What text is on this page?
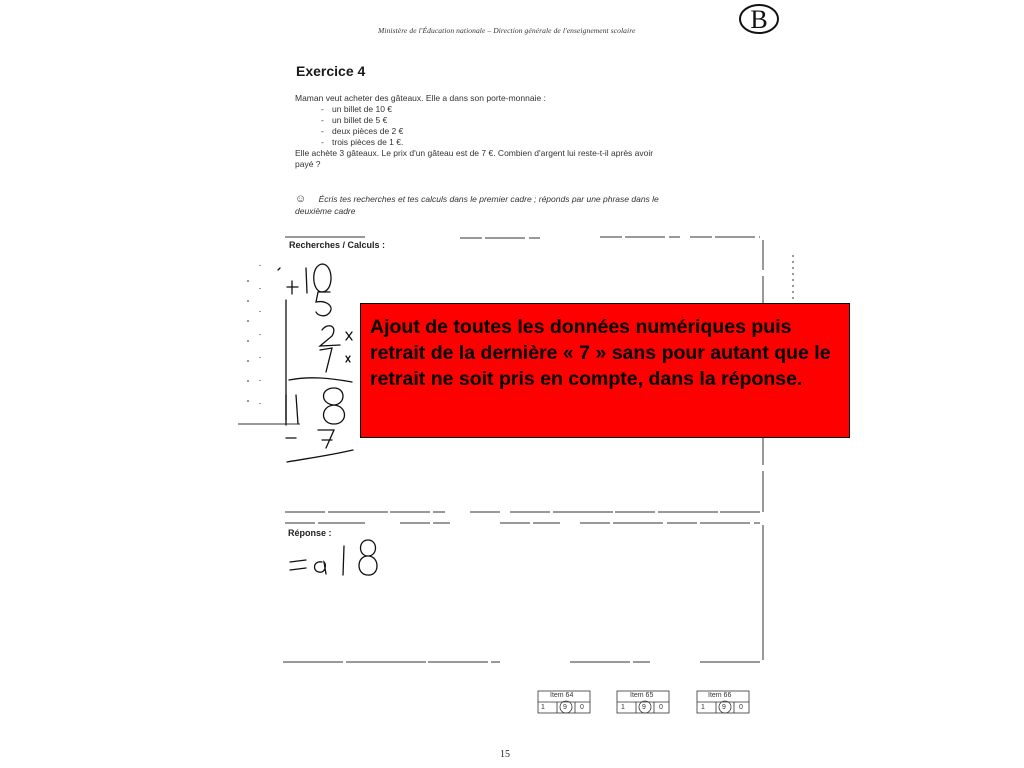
Ministère de l'Éducation nationale – Direction générale de l'enseignement scolaire	B
Exercice 4
Maman veut acheter des gâteaux. Elle a dans son porte-monnaie :
- un billet de 10 €
- un billet de 5 €
- deux pièces de 2 €
- trois pièces de 1 €.
Elle achète 3 gâteaux. Le prix d'un gâteau est de 7 €. Combien d'argent lui reste-t-il après avoir
payé ?
☺ Écris tes recherches et tes calculs dans le premier cadre ; réponds par une phrase dans le
deuxième cadre
Recherches / Calculs :
Réponse :
Item 64
1	9 0
Item 65
1 9 0
Item 66
1 9 0
Ajout de toutes les données numériques puis retrait de la dernière « 7 » sans pour autant que le retrait ne soit pris en compte, dans la réponse.
15
